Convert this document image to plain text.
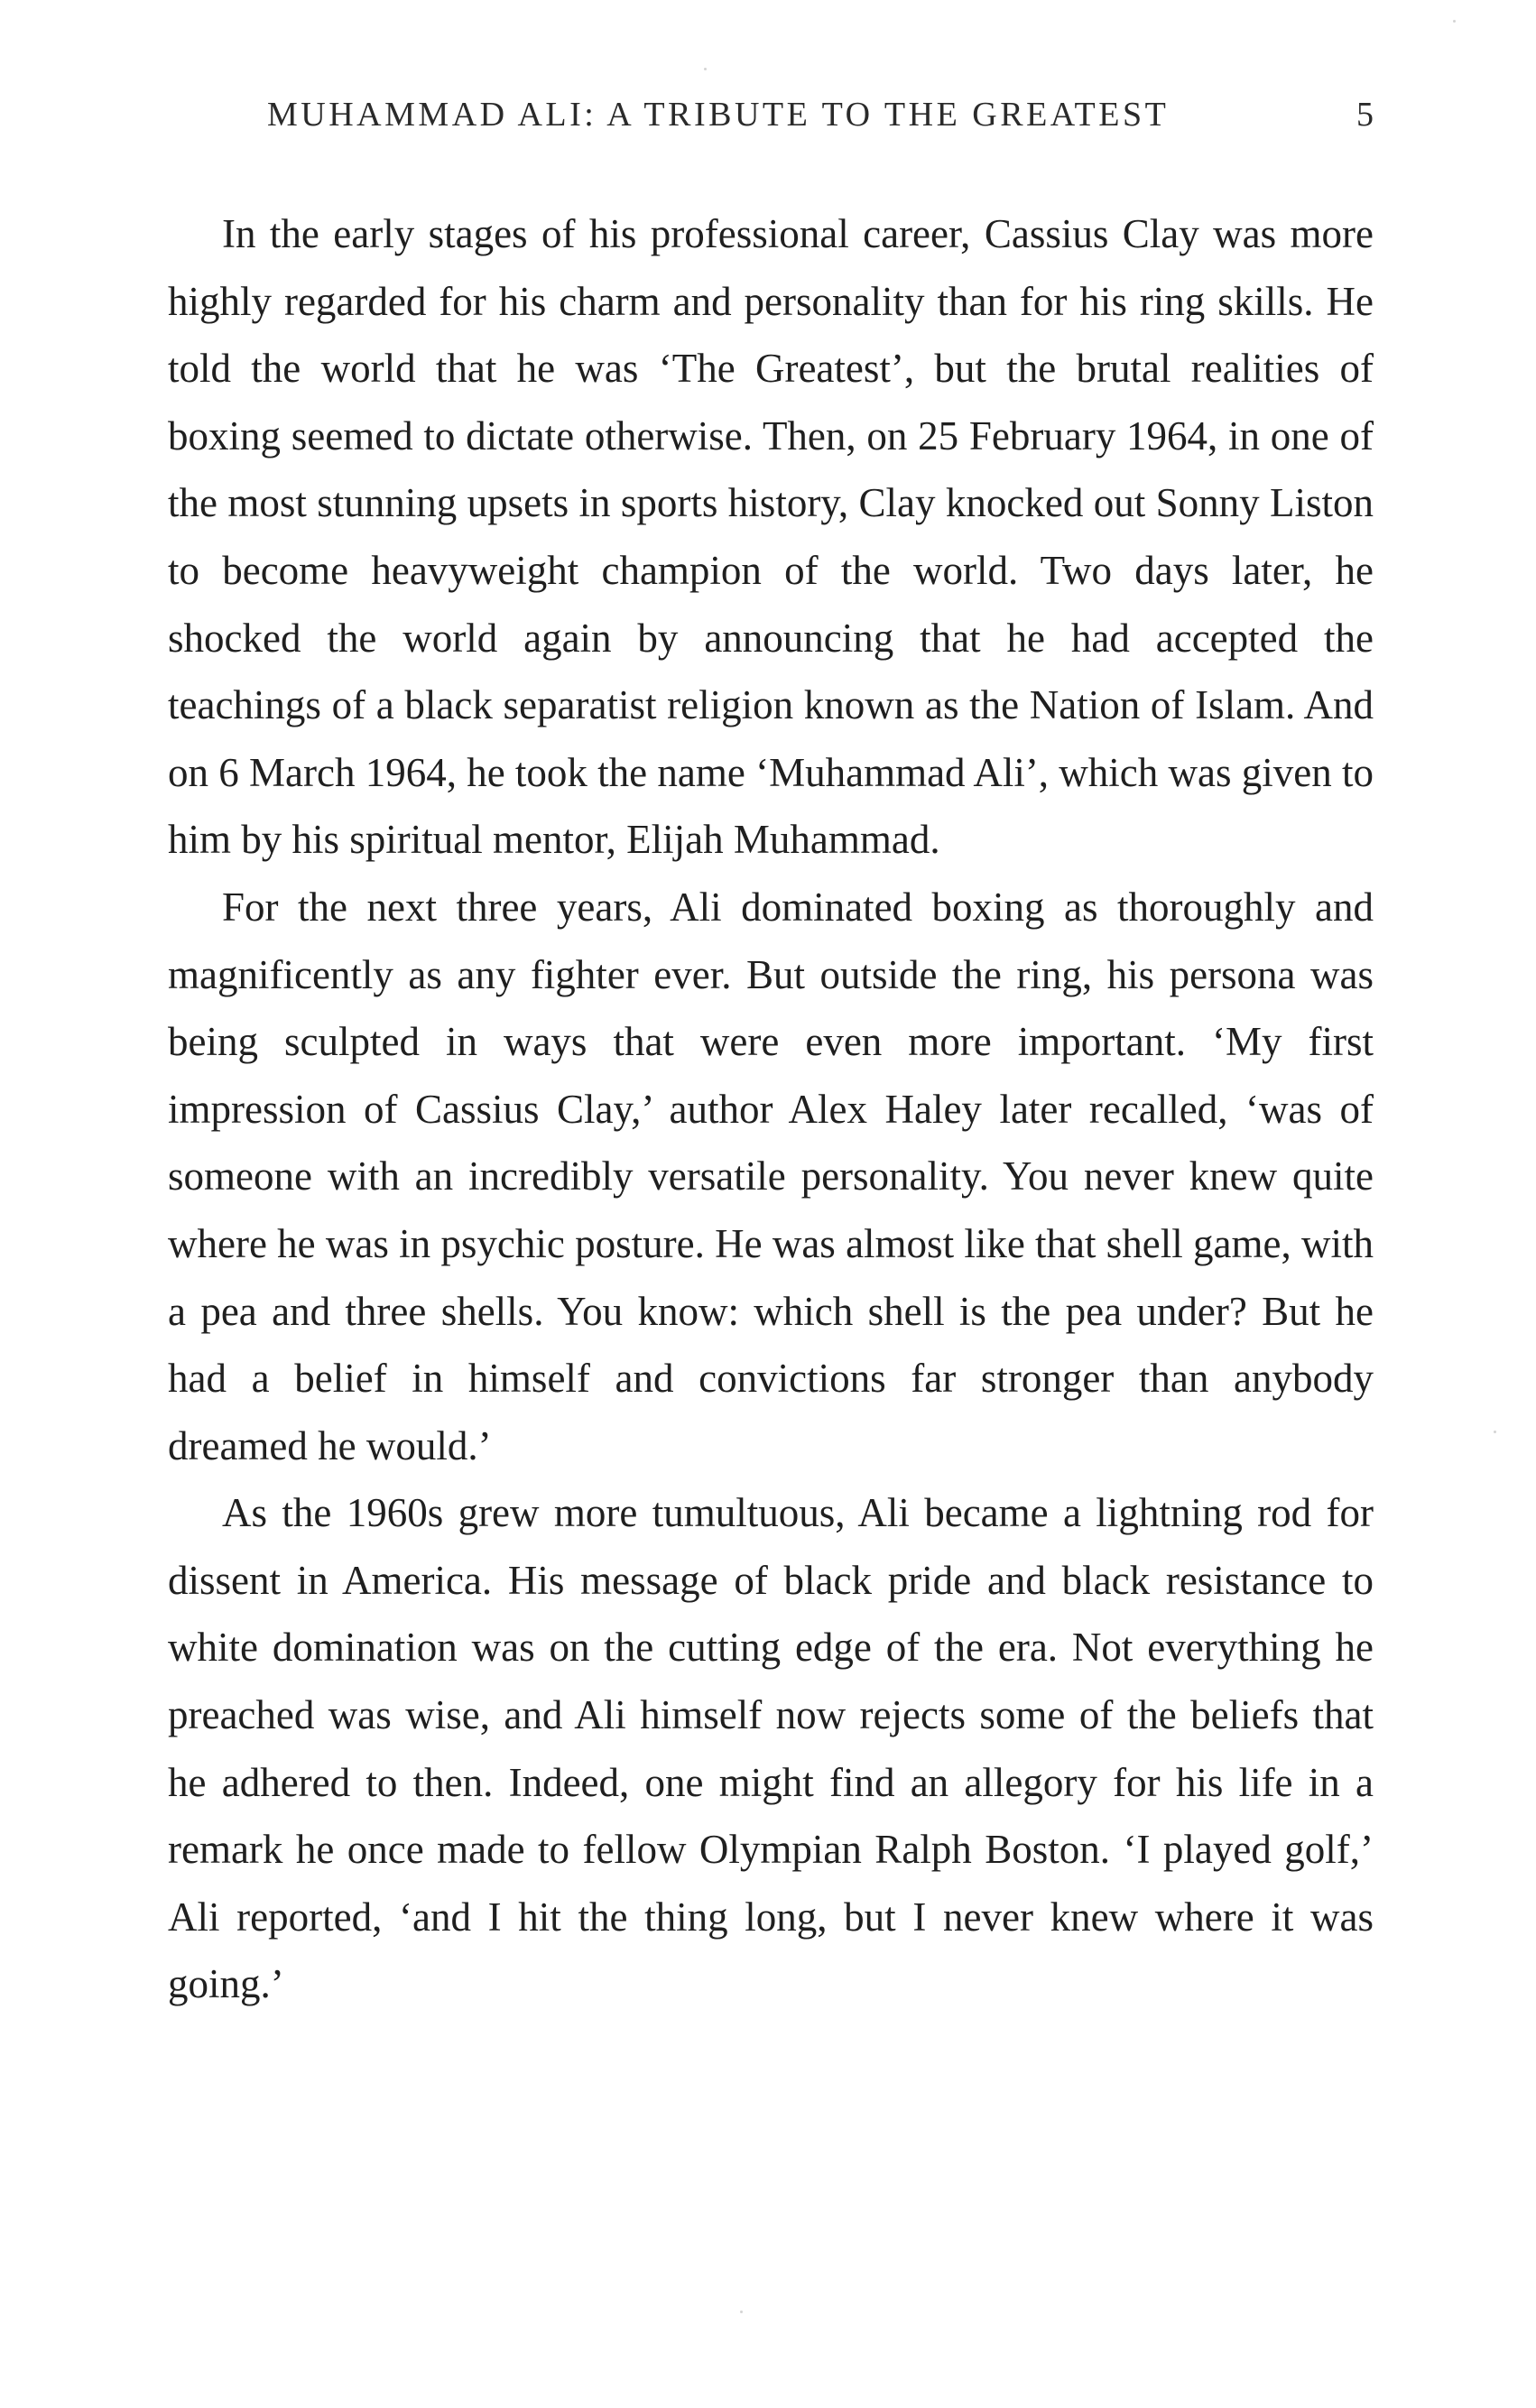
MUHAMMAD ALI: A TRIBUTE TO THE GREATEST	5

In the early stages of his professional career, Cassius Clay was more highly regarded for his charm and personality than for his ring skills. He told the world that he was ‘The Greatest’, but the brutal realities of boxing seemed to dictate otherwise. Then, on 25 February 1964, in one of the most stunning upsets in sports history, Clay knocked out Sonny Liston to become heavyweight champion of the world. Two days later, he shocked the world again by announcing that he had accepted the teachings of a black separatist religion known as the Nation of Islam. And on 6 March 1964, he took the name ‘Muhammad Ali’, which was given to him by his spiritual mentor, Elijah Muhammad.

For the next three years, Ali dominated boxing as thoroughly and magnificently as any fighter ever. But outside the ring, his persona was being sculpted in ways that were even more important. ‘My first impression of Cassius Clay,’ author Alex Haley later recalled, ‘was of someone with an incredibly versatile personality. You never knew quite where he was in psychic posture. He was almost like that shell game, with a pea and three shells. You know: which shell is the pea under? But he had a belief in himself and convictions far stronger than anybody dreamed he would.’

As the 1960s grew more tumultuous, Ali became a lightning rod for dissent in America. His message of black pride and black resistance to white domination was on the cutting edge of the era. Not everything he preached was wise, and Ali himself now rejects some of the beliefs that he adhered to then. Indeed, one might find an allegory for his life in a remark he once made to fellow Olympian Ralph Boston. ‘I played golf,’ Ali reported, ‘and I hit the thing long, but I never knew where it was going.’
